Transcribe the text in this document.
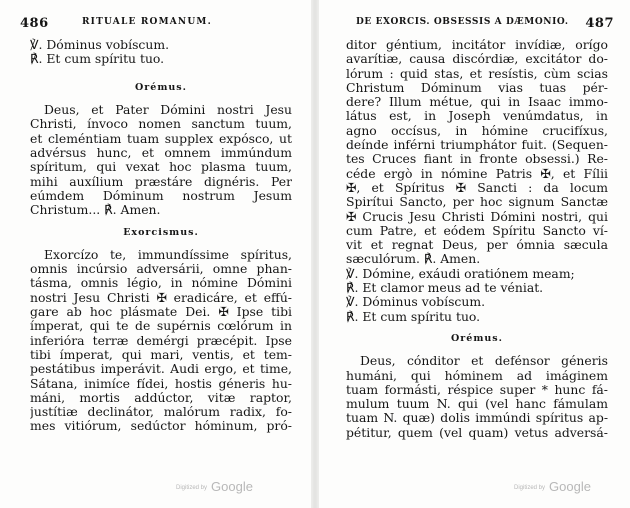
486	RITUALE ROMANUM.
℣. Dóminus vobíscum.
℟. Et cum spíritu tuo.
Orémus.
Deus, et Pater Dómini nostri Jesu
Christi, ínvoco nomen sanctum tuum,
et cleméntiam tuam supplex expósco, ut
advérsus hunc, et omnem immúndum
spíritum, qui vexat hoc plasma tuum,
mihi auxílium præstáre dignéris. Per
eúmdem Dóminum nostrum Jesum
Christum... ℟. Amen.
Exorcismus.
Exorcízo te, immundíssime spíritus,
omnis incúrsio adversárii, omne phan-
tásma, omnis légio, in nómine Dómini
nostri Jesu Christi ✠ eradicáre, et effú-
gare ab hoc plásmate Dei. ✠ Ipse tibi
ímperat, qui te de supérnis cœlórum in
inferióra terræ demérgi præcépit. Ipse
tibi ímperat, qui mari, ventis, et tem-
pestátibus imperávit. Audi ergo, et time,
Sátana, inimíce fídei, hostis géneris hu-
máni, mortis addúctor, vitæ raptor,
justítiæ declinátor, malórum radix, fo-
mes vitiórum, sedúctor hóminum, pró-
Digitized by Google
DE EXORCIS. OBSESSIS A DÆMONIO. 487
ditor géntium, incitátor invídiæ, orígo
avarítiæ, causa discórdiæ, excitátor do-
lórum : quid stas, et resístis, cùm scias
Christum Dóminum vias tuas pér-
dere? Illum métue, qui in Isaac immo-
látus est, in Joseph venúmdatus, in
agno occísus, in hómine crucifíxus,
deínde inférni triumphátor fuit. (Sequen-
tes Cruces fiant in fronte obsessi.) Re-
céde ergò in nómine Patris ✠, et Fílii
✠, et Spíritus ✠ Sancti : da locum
Spirítui Sancto, per hoc signum Sanctæ
✠ Crucis Jesu Christi Dómini nostri, qui
cum Patre, et eódem Spíritu Sancto ví-
vit et regnat Deus, per ómnia sæcula
sæculórum. ℟. Amen.
℣. Dómine, exáudi oratiónem meam;
℟. Et clamor meus ad te véniat.
℣. Dóminus vobíscum.
℟. Et cum spíritu tuo.
Orémus.
Deus, cónditor et defénsor géneris
humáni, qui hóminem ad imáginem
tuam formásti, réspice super * hunc fá-
mulum tuum N. qui (vel hanc fámulam
tuam N. quæ) dolis immúndi spíritus ap-
pétitur, quem (vel quam) vetus adversá-
Digitized by Google
